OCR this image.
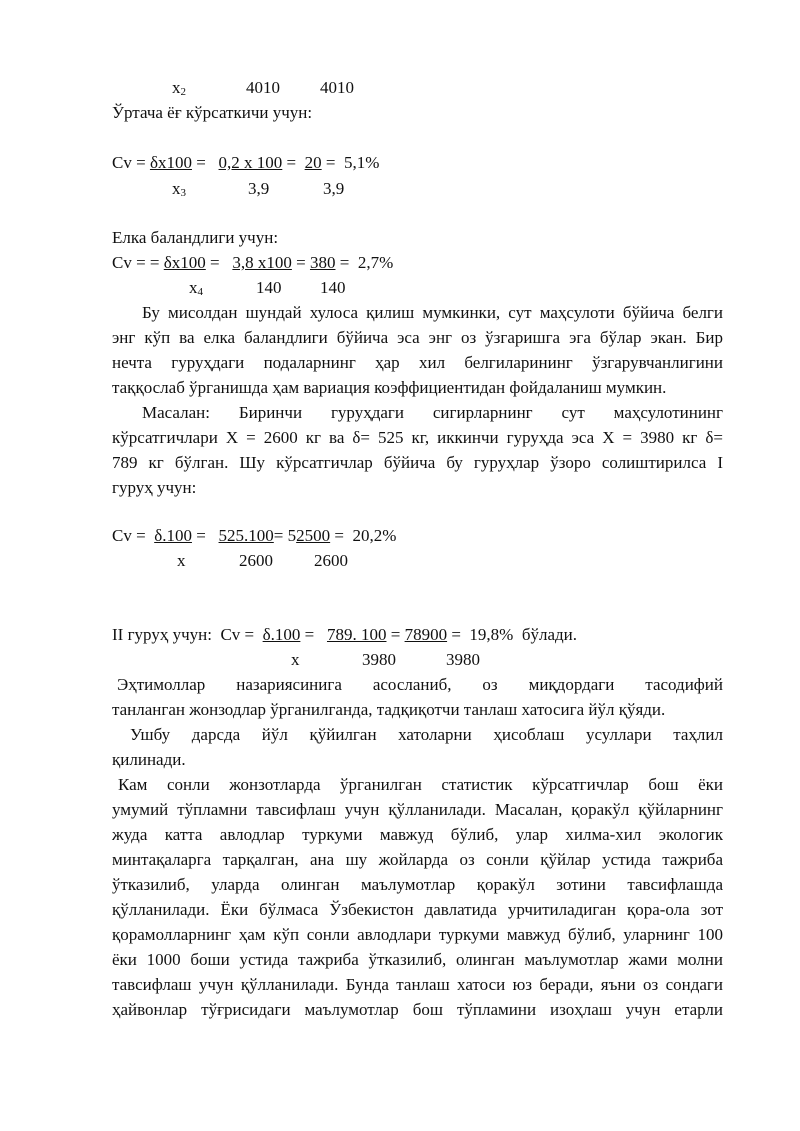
$x_2$	4010 4010
Ўртача ёғ кўрсаткичи учун:
Cv = δx100 = 0,2 х 100 = 20 = 5,1%
$x_3$	3,9	3,9
Елка баландлиги учун:
Cv = = δx100 = 3,8 х100 = 380 = 2,7%
$x_4$	140 140
Бу мисолдан шундай хулоса қилиш мумкинки, сут маҳсулоти бўйича белги
энг кўп ва елка баландлиги бўйича эса энг оз ўзгаришга эга бўлар экан. Бир
нечта гуруҳдаги подаларнинг ҳар хил белгиларининг ўзгарувчанлигини
таққослаб ўрганишда ҳам вариация коэффициентидан фойдаланиш мумкин.
Масалан: Биринчи гуруҳдаги сигирларнинг сут маҳсулотининг
кўрсатгичлари Х = 2600 кг ва δ= 525 кг, иккинчи гуруҳда эса Х = 3980 кг δ=
789 кг бўлган. Шу кўрсатгичлар бўйича бу гуруҳлар ўзоро солиштирилса I
гуруҳ учун:
Cv = δ.100 = 525.100= 52500 = 20,2%
x	2600 2600
II гуруҳ учун:  Cv = δ.100 = 789. 100 = 78900 = 19,8%  бўлади.
x	3980	3980
Эҳтимоллар назариясинига асосланиб, оз миқдордаги тасодифий
танланган жонзодлар ўрганилганда, тадқиқотчи танлаш хатосига йўл қўяди.
Ушбу дарсда йўл қўйилган хатоларни ҳисоблаш усуллари таҳлил
қилинади.
Кам сонли жонзотларда ўрганилган статистик кўрсатгичлар бош ёки
умумий тўпламни тавсифлаш учун қўлланилади. Масалан, қоракўл қўйларнинг
жуда катта авлодлар туркуми мавжуд бўлиб, улар хилма-хил экологик
минтақаларга тарқалган, ана шу жойларда оз сонли қўйлар устида тажриба
ўтказилиб, уларда олинган маълумотлар қоракўл зотини тавсифлашда
қўлланилади. Ёки бўлмаса Ўзбекистон давлатида урчитиладиган қора-ола зот
қорамолларнинг ҳам кўп сонли авлодлари туркуми мавжуд бўлиб, уларнинг 100
ёки 1000 боши устида тажриба ўтказилиб, олинган маълумотлар жами молни
тавсифлаш учун қўлланилади. Бунда танлаш хатоси юз беради, яъни оз сондаги
ҳайвонлар тўғрисидаги маълумотлар бош тўпламини изоҳлаш учун етарли
